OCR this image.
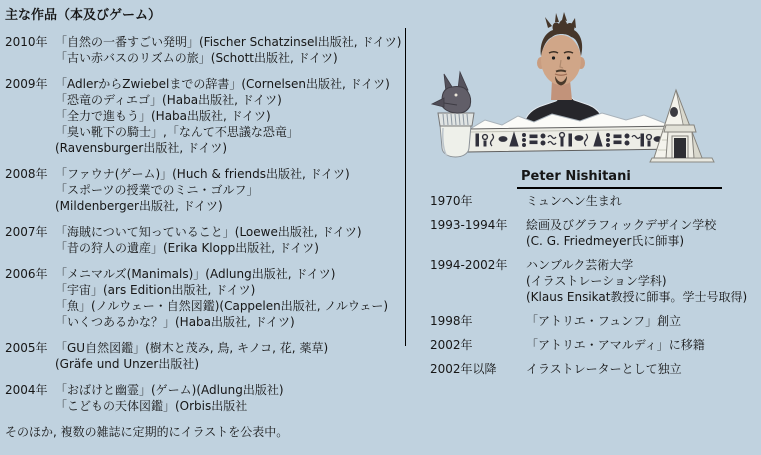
主な作品（本及びゲーム）
2010年 「自然の一番すごい発明」(Fischer Schatzinsel出版社, ドイツ)
「古い赤バスのリズムの旅」(Schott出版社, ドイツ)
2009年 「AdlerからZwiebelまでの辞書」(Cornelsen出版社, ドイツ)
「恐竜のディエゴ」(Haba出版社, ドイツ)
「全力で進もう」(Haba出版社, ドイツ)
「臭い靴下の騎士」,「なんて不思議な恐竜」
(Ravensburger出版社, ドイツ)
2008年 「ファウナ(ゲーム)」(Huch & friends出版社, ドイツ)
「スポーツの授業でのミニ・ゴルフ」
(Mildenberger出版社, ドイツ)
2007年 「海賊について知っていること」(Loewe出版社, ドイツ)
「昔の狩人の遺産」(Erika Klopp出版社, ドイツ)
2006年 「メニマルズ(Manimals)」(Adlung出版社, ドイツ)
「宇宙」(ars Edition出版社, ドイツ)
「魚」(ノルウェー・自然図鑑)(Cappelen出版社, ノルウェー)
「いくつあるかな？」(Haba出版社, ドイツ)
2005年 「GU自然図鑑」(樹木と茂み, 鳥, キノコ, 花, 薬草)
(Gräfe und Unzer出版社)
2004年 「おばけと幽霊」(ゲーム)(Adlung出版社)
「こどもの天体図鑑」(Orbis出版社
そのほか, 複数の雑誌に定期的にイラストを公表中。
Peter Nishitani
1970年	ミュンヘン生まれ
1993-1994年	絵画及びグラフィックデザイン学校
(C. G. Friedmeyer氏に師事)
1994-2002年	ハンブルク芸術大学
(イラストレーション学科)
(Klaus Ensikat教授に師事。学士号取得)
1998年	「アトリエ・フュンフ」創立
2002年	「アトリエ・アマルディ」に移籍
2002年以降	イラストレーターとして独立
